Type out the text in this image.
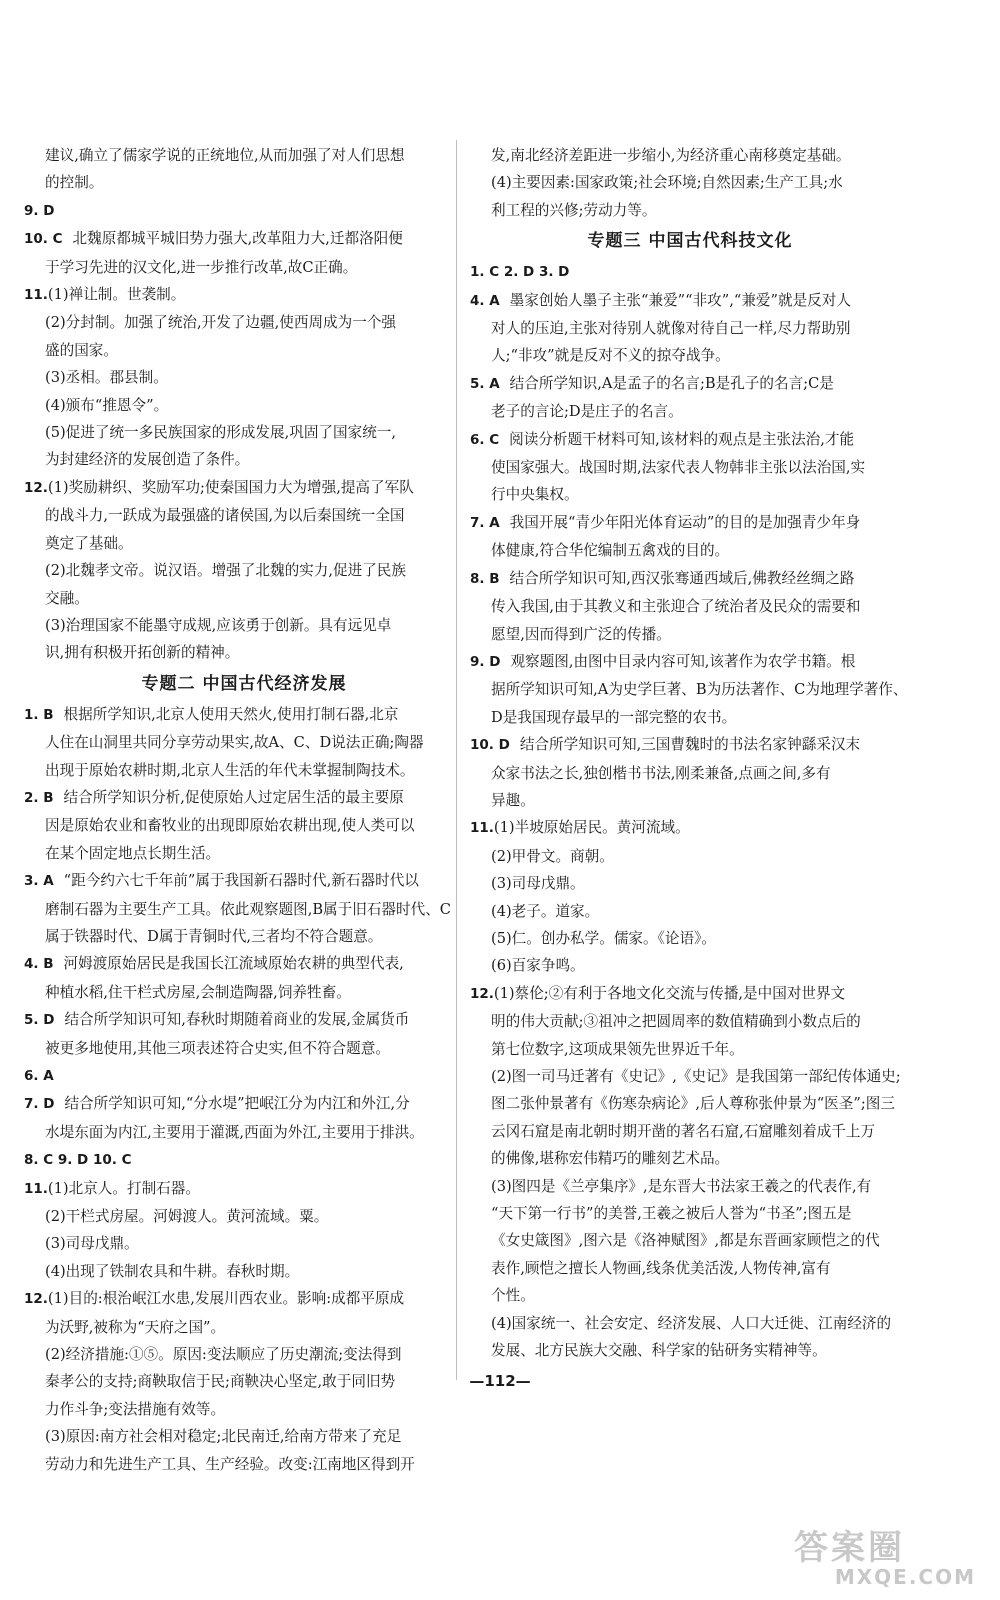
建议,确立了儒家学说的正统地位,从而加强了对人们思想
的控制。
9. D
10. C 北魏原都城平城旧势力强大,改革阻力大,迁都洛阳便
于学习先进的汉文化,进一步推行改革,故C正确。
11.(1)禅让制。世袭制。
(2)分封制。加强了统治,开发了边疆,使西周成为一个强
盛的国家。
(3)丞相。郡县制。
(4)颁布“推恩令”。
(5)促进了统一多民族国家的形成发展,巩固了国家统一,
为封建经济的发展创造了条件。
12.(1)奖励耕织、奖励军功;使秦国国力大为增强,提高了军队
的战斗力,一跃成为最强盛的诸侯国,为以后秦国统一全国
奠定了基础。
(2)北魏孝文帝。说汉语。增强了北魏的实力,促进了民族
交融。
(3)治理国家不能墨守成规,应该勇于创新。具有远见卓
识,拥有积极开拓创新的精神。
专题二 中国古代经济发展
1. B 根据所学知识,北京人使用天然火,使用打制石器,北京
人住在山洞里共同分享劳动果实,故A、C、D说法正确;陶器
出现于原始农耕时期,北京人生活的年代未掌握制陶技术。
2. B 结合所学知识分析,促使原始人过定居生活的最主要原
因是原始农业和畜牧业的出现即原始农耕出现,使人类可以
在某个固定地点长期生活。
3. A “距今约六七千年前”属于我国新石器时代,新石器时代以
磨制石器为主要生产工具。依此观察题图,B属于旧石器时代、C
属于铁器时代、D属于青铜时代,三者均不符合题意。
4. B 河姆渡原始居民是我国长江流域原始农耕的典型代表,
种植水稻,住干栏式房屋,会制造陶器,饲养牲畜。
5. D 结合所学知识可知,春秋时期随着商业的发展,金属货币
被更多地使用,其他三项表述符合史实,但不符合题意。
6. A
7. D 结合所学知识可知,“分水堤”把岷江分为内江和外江,分
水堤东面为内江,主要用于灌溉,西面为外江,主要用于排洪。
8. C 9. D 10. C
11.(1)北京人。打制石器。
(2)干栏式房屋。河姆渡人。黄河流域。粟。
(3)司母戊鼎。
(4)出现了铁制农具和牛耕。春秋时期。
12.(1)目的:根治岷江水患,发展川西农业。影响:成都平原成
为沃野,被称为“天府之国”。
(2)经济措施:①⑤。原因:变法顺应了历史潮流;变法得到
秦孝公的支持;商鞅取信于民;商鞅决心坚定,敢于同旧势
力作斗争;变法措施有效等。
(3)原因:南方社会相对稳定;北民南迁,给南方带来了充足
劳动力和先进生产工具、生产经验。改变:江南地区得到开
发,南北经济差距进一步缩小,为经济重心南移奠定基础。
(4)主要因素:国家政策;社会环境;自然因素;生产工具;水
利工程的兴修;劳动力等。
专题三 中国古代科技文化
1. C 2. D 3. D
4. A 墨家创始人墨子主张“兼爱”“非攻”,“兼爱”就是反对人
对人的压迫,主张对待别人就像对待自己一样,尽力帮助别
人;“非攻”就是反对不义的掠夺战争。
5. A 结合所学知识,A是孟子的名言;B是孔子的名言;C是
老子的言论;D是庄子的名言。
6. C 阅读分析题干材料可知,该材料的观点是主张法治,才能
使国家强大。战国时期,法家代表人物韩非主张以法治国,实
行中央集权。
7. A 我国开展“青少年阳光体育运动”的目的是加强青少年身
体健康,符合华佗编制五禽戏的目的。
8. B 结合所学知识可知,西汉张骞通西域后,佛教经丝绸之路
传入我国,由于其教义和主张迎合了统治者及民众的需要和
愿望,因而得到广泛的传播。
9. D 观察题图,由图中目录内容可知,该著作为农学书籍。根
据所学知识可知,A为史学巨著、B为历法著作、C为地理学著作、
D是我国现存最早的一部完整的农书。
10. D 结合所学知识可知,三国曹魏时的书法名家钟繇采汉末
众家书法之长,独创楷书书法,刚柔兼备,点画之间,多有
异趣。
11.(1)半坡原始居民。黄河流域。
(2)甲骨文。商朝。
(3)司母戊鼎。
(4)老子。道家。
(5)仁。创办私学。儒家。《论语》。
(6)百家争鸣。
12.(1)蔡伦;②有利于各地文化交流与传播,是中国对世界文
明的伟大贡献;③祖冲之把圆周率的数值精确到小数点后的
第七位数字,这项成果领先世界近千年。
(2)图一司马迁著有《史记》,《史记》是我国第一部纪传体通史;
图二张仲景著有《伤寒杂病论》,后人尊称张仲景为“医圣”;图三
云冈石窟是南北朝时期开凿的著名石窟,石窟雕刻着成千上万
的佛像,堪称宏伟精巧的雕刻艺术品。
(3)图四是《兰亭集序》,是东晋大书法家王羲之的代表作,有
“天下第一行书”的美誉,王羲之被后人誉为“书圣”;图五是
《女史箴图》,图六是《洛神赋图》,都是东晋画家顾恺之的代
表作,顾恺之擅长人物画,线条优美活泼,人物传神,富有
个性。
(4)国家统一、社会安定、经济发展、人口大迁徙、江南经济的
发展、北方民族大交融、科学家的钻研务实精神等。
—112—
答案圈
MXQE.COM
